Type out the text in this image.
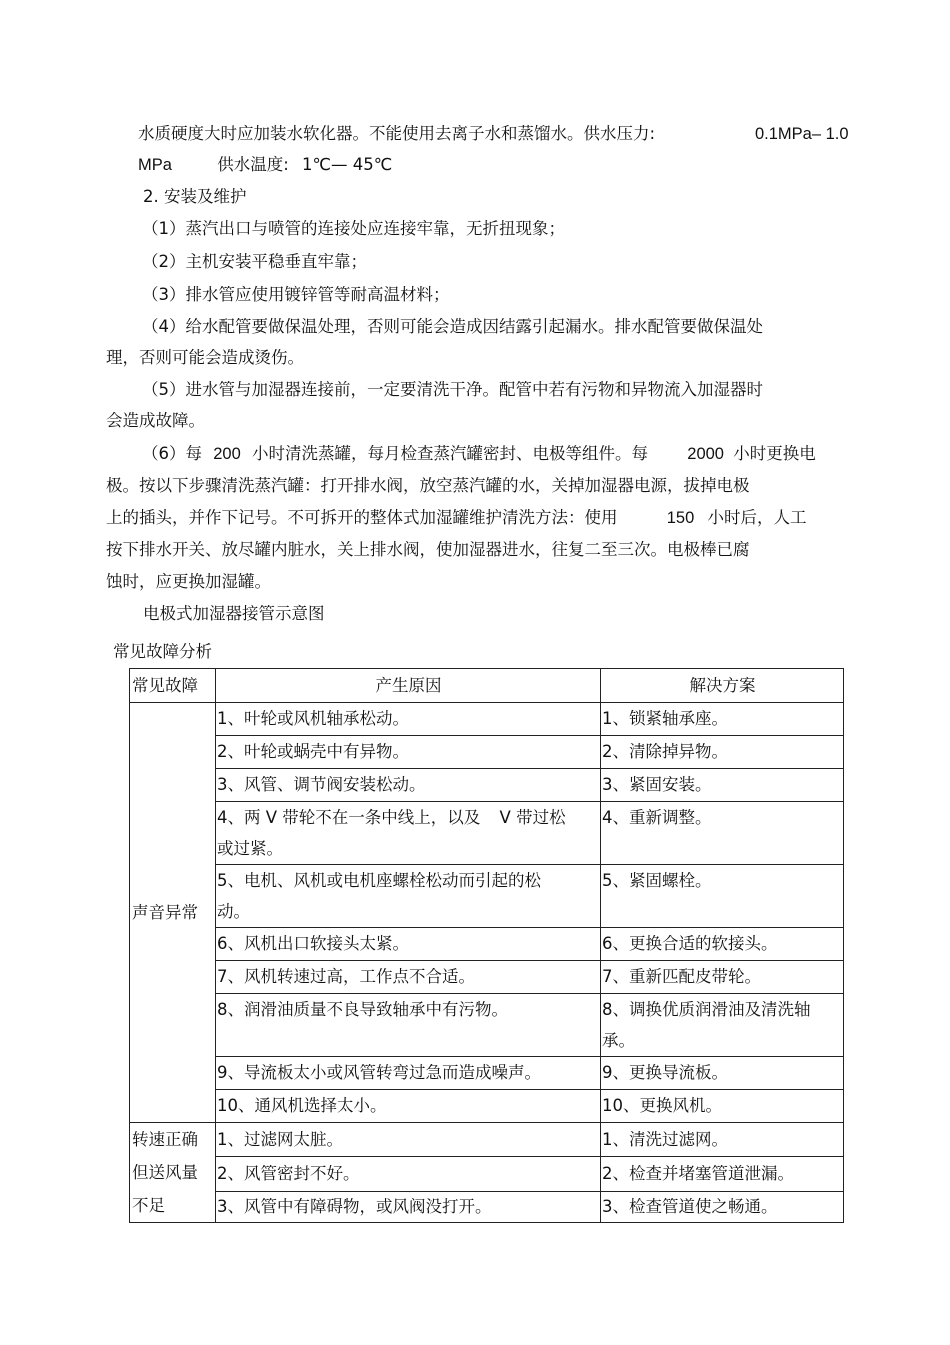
水质硬度大时应加装水软化器。不能使用去离子水和蒸馏水。供水压力:	0.1MPa– 1.0
MPa	供水温度: 1℃— 45℃
2. 安装及维护
（1）蒸汽出口与喷管的连接处应连接牢靠，无折扭现象；
（2）主机安装平稳垂直牢靠；
（3）排水管应使用镀锌管等耐高温材料；
（4）给水配管要做保温处理，否则可能会造成因结露引起漏水。排水配管要做保温处
理，否则可能会造成烫伤。
（5）进水管与加湿器连接前，一定要清洗干净。配管中若有污物和异物流入加湿器时
会造成故障。
（6）每 200 小时清洗蒸罐，每月检查蒸汽罐密封、电极等组件。每 2000 小时更换电
极。按以下步骤清洗蒸汽罐：打开排水阀，放空蒸汽罐的水，关掉加湿器电源，拔掉电极
上的插头，并作下记号。不可拆开的整体式加湿罐维护清洗方法：使用	150 小时后，人工
按下排水开关、放尽罐内脏水，关上排水阀，使加湿器进水，往复二至三次。电极棒已腐
蚀时，应更换加湿罐。
电极式加湿器接管示意图
常见故障分析
常见故障	产生原因	解决方案
声音异常	1、叶轮或风机轴承松动。	1、锁紧轴承座。
	2、叶轮或蜗壳中有异物。	2、清除掉异物。
	3、风管、调节阀安装松动。	3、紧固安装。
	4、两 V 带轮不在一条中线上，以及 V 带过松
或过紧。	4、重新调整。
	5、电机、风机或电机座螺栓松动而引起的松
动。	5、紧固螺栓。
	6、风机出口软接头太紧。	6、更换合适的软接头。
	7、风机转速过高，工作点不合适。	7、重新匹配皮带轮。
	8、润滑油质量不良导致轴承中有污物。	8、调换优质润滑油及清洗轴
承。
	9、导流板太小或风管转弯过急而造成噪声。	9、更换导流板。
	10、通风机选择太小。	10、更换风机。
转速正确
但送风量
不足	1、过滤网太脏。	1、清洗过滤网。
	2、风管密封不好。	2、检查并堵塞管道泄漏。
	3、风管中有障碍物，或风阀没打开。	3、检查管道使之畅通。
